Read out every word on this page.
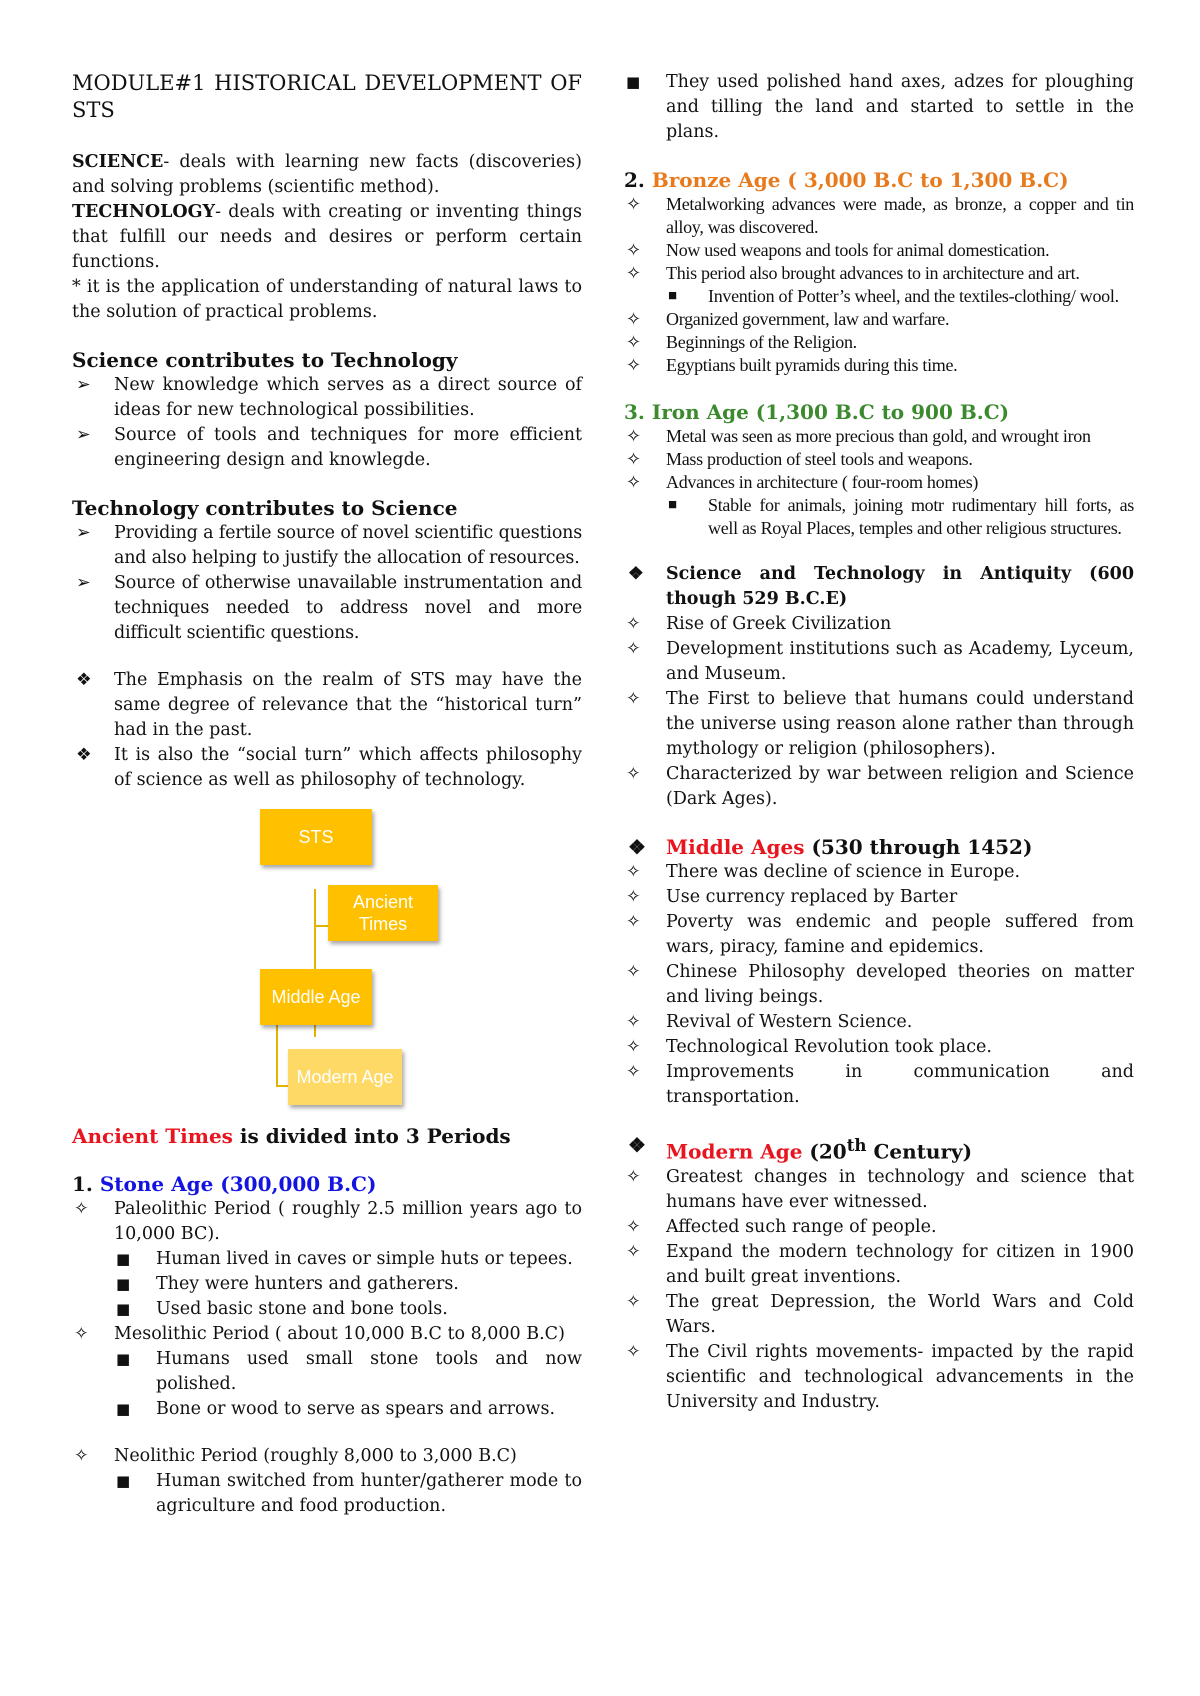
MODULE#1 HISTORICAL DEVELOPMENT OF STS

SCIENCE- deals with learning new facts (discoveries) and solving problems (scientific method).

TECHNOLOGY- deals with creating or inventing things that fulfill our needs and desires or perform certain functions.

* it is the application of understanding of natural laws to the solution of practical problems.

Science contributes to Technology
➢ New knowledge which serves as a direct source of ideas for new technological possibilities.
➢ Source of tools and techniques for more efficient engineering design and knowlegde.
Technology contributes to Science
➢ Providing a fertile source of novel scientific questions and also helping to justify the allocation of resources.
➢ Source of otherwise unavailable instrumentation and techniques needed to address novel and more difficult scientific questions.
❖ The Emphasis on the realm of STS may have the same degree of relevance that the “historical turn” had in the past.
❖ It is also the “social turn” which affects philosophy of science as well as philosophy of technology.
STS
Ancient Times
Middle Age
Modern Age
Ancient Times is divided into 3 Periods

1. Stone Age (300,000 B.C)

✧ Paleolithic Period ( roughly 2.5 million years ago to 10,000 BC).
■ Human lived in caves or simple huts or tepees.
■ They were hunters and gatherers.
■ Used basic stone and bone tools.
✧ Mesolithic Period ( about 10,000 B.C to 8,000 B.C)
■ Humans used small stone tools and now polished.
■ Bone or wood to serve as spears and arrows.
✧ Neolithic Period (roughly 8,000 to 3,000 B.C)
■ Human switched from hunter/gatherer mode to agriculture and food production.
■ They used polished hand axes, adzes for ploughing and tilling the land and started to settle in the plans.

2. Bronze Age ( 3,000 B.C to 1,300 B.C)

✧ Metalworking advances were made, as bronze, a copper and tin alloy, was discovered.
✧ Now used weapons and tools for animal domestication.
✧ This period also brought advances to in architecture and art.
■ Invention of Potter’s wheel, and the textiles-clothing/ wool.
✧ Organized government, law and warfare.
✧ Beginnings of the Religion.
✧ Egyptians built pyramids during this time.

3. Iron Age (1,300 B.C to 900 B.C)

✧ Metal was seen as more precious than gold, and wrought iron
✧ Mass production of steel tools and weapons.
✧ Advances in architecture ( four-room homes)
■ Stable for animals, joining motr rudimentary hill forts, as well as Royal Places, temples and other religious structures.
❖ Science and Technology in Antiquity (600 though 529 B.C.E)
✧ Rise of Greek Civilization
✧ Development institutions such as Academy, Lyceum, and Museum.
✧ The First to believe that humans could understand the universe using reason alone rather than through mythology or religion (philosophers).
✧ Characterized by war between religion and Science (Dark Ages).
❖ Middle Ages (530 through 1452)
✧ There was decline of science in Europe.
✧ Use currency replaced by Barter
✧ Poverty was endemic and people suffered from wars, piracy, famine and epidemics.
✧ Chinese Philosophy developed theories on matter and living beings.
✧ Revival of Western Science.
✧ Technological Revolution took place.
✧ Improvements in communication and transportation.
❖ Modern Age (20th Century)
✧ Greatest changes in technology and science that humans have ever witnessed.
✧ Affected such range of people.
✧ Expand the modern technology for citizen in 1900 and built great inventions.
✧ The great Depression, the World Wars and Cold Wars.
✧ The Civil rights movements- impacted by the rapid scientific and technological advancements in the University and Industry.
